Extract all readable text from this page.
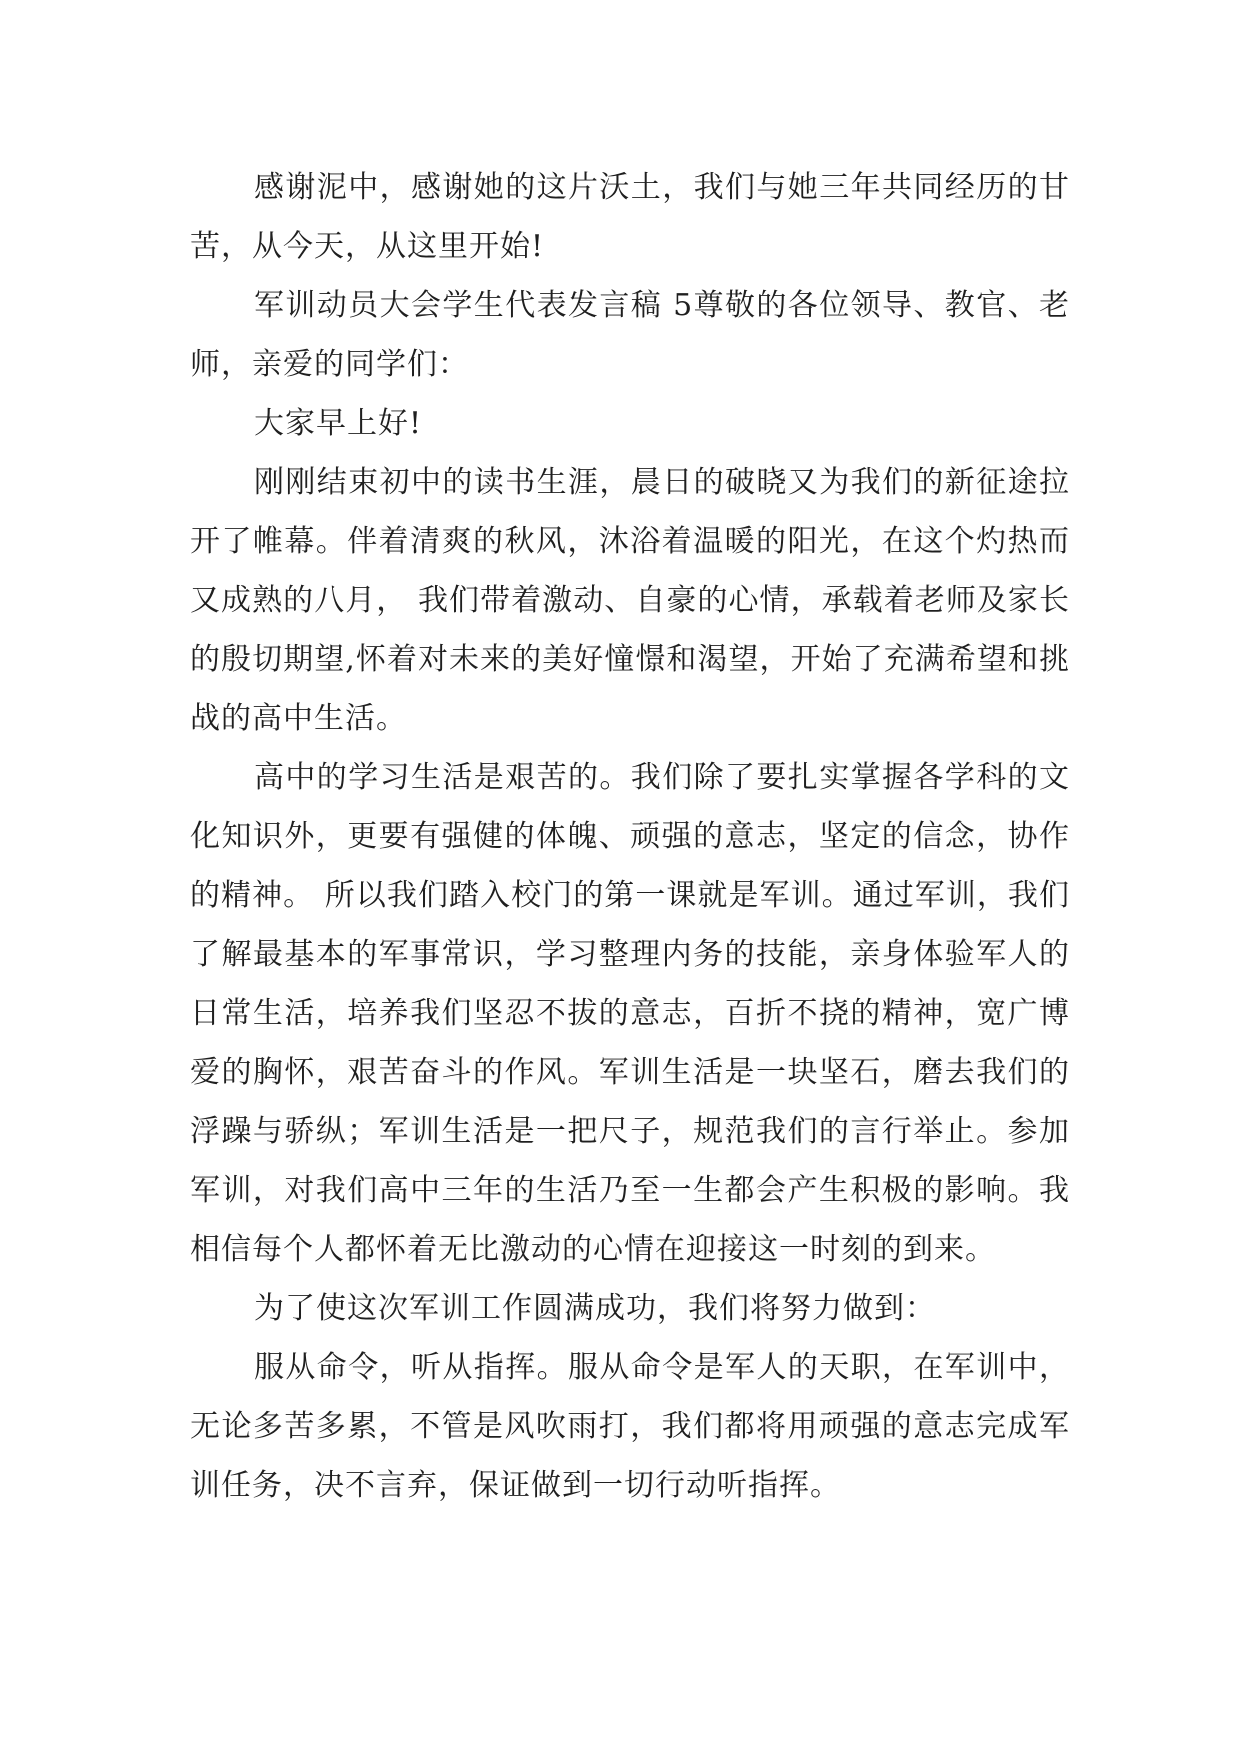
感谢泥中，感谢她的这片沃土，我们与她三年共同经历的甘苦，从今天，从这里开始!

军训动员大会学生代表发言稿 5尊敬的各位领导、教官、老师，亲爱的同学们：

大家早上好!

刚刚结束初中的读书生涯，晨日的破晓又为我们的新征途拉开了帷幕。伴着清爽的秋风，沐浴着温暖的阳光，在这个灼热而又成熟的八月， 我们带着激动、自豪的心情，承载着老师及家长的殷切期望,怀着对未来的美好憧憬和渴望，开始了充满希望和挑战的高中生活。

高中的学习生活是艰苦的。我们除了要扎实掌握各学科的文化知识外，更要有强健的体魄、顽强的意志，坚定的信念，协作的精神。 所以我们踏入校门的第一课就是军训。通过军训，我们了解最基本的军事常识，学习整理内务的技能，亲身体验军人的日常生活，培养我们坚忍不拔的意志，百折不挠的精神，宽广博爱的胸怀，艰苦奋斗的作风。军训生活是一块坚石，磨去我们的浮躁与骄纵；军训生活是一把尺子，规范我们的言行举止。参加军训，对我们高中三年的生活乃至一生都会产生积极的影响。我相信每个人都怀着无比激动的心情在迎接这一时刻的到来。

为了使这次军训工作圆满成功，我们将努力做到：

服从命令，听从指挥。服从命令是军人的天职，在军训中，无论多苦多累，不管是风吹雨打，我们都将用顽强的意志完成军训任务，决不言弃，保证做到一切行动听指挥。
